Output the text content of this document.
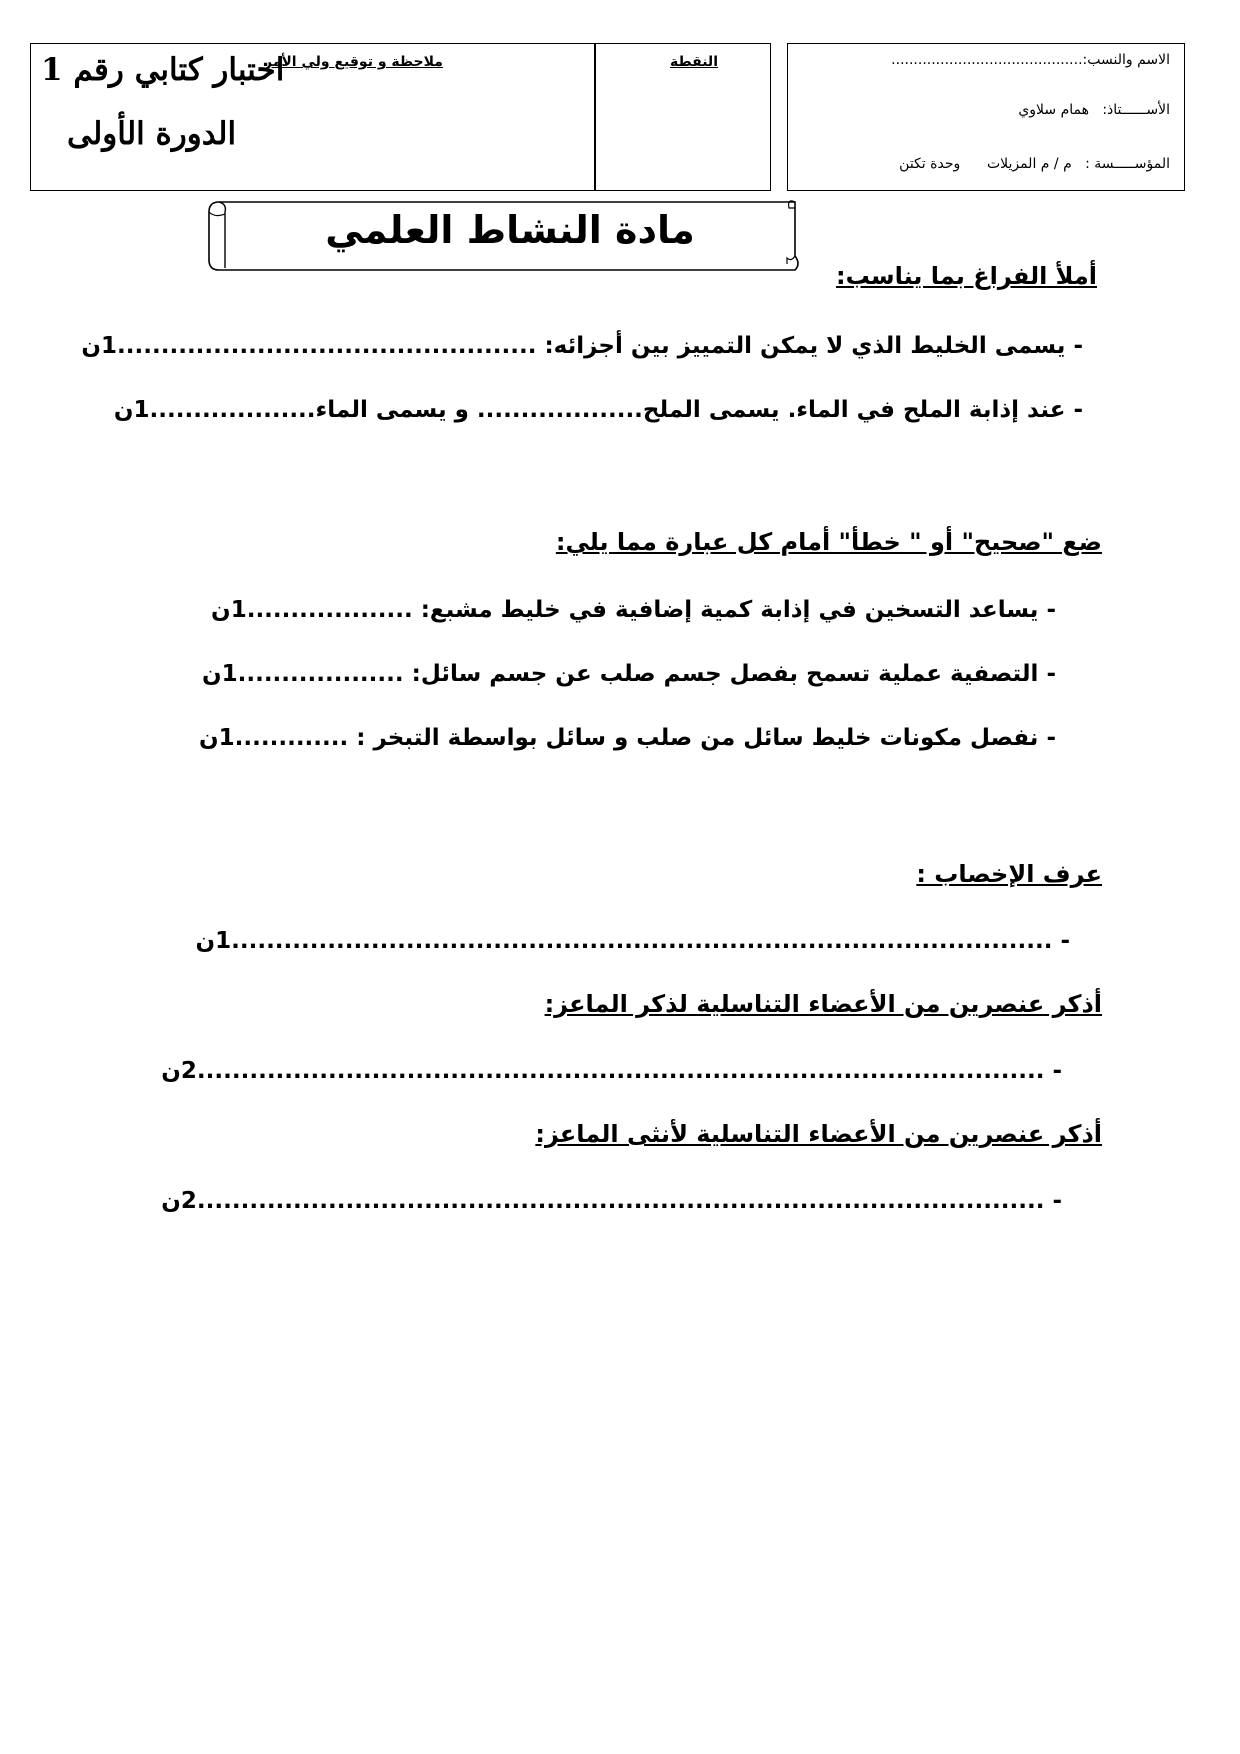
الاسم والنسب:...........................................
الأســــــتاذ:   همام سلاوي
المؤســـــسة :   م / م المزيلات      وحدة تكتن
النقطة
ملاحظة و توقيع ولي الأمر
اختبار كتابي رقم 1
الدورة الأولى
مادة النشاط العلمي
أملأ الفراغ بما يناسب:
- يسمى الخليط الذي لا يمكن التمييز بين أجزائه: ................................................1ن
- عند إذابة الملح في الماء. يسمى الملح................... و يسمى الماء...................1ن
ضع "صحيح" أو " خطأ" أمام كل عبارة مما يلي:
- يساعد التسخين في إذابة كمية إضافية في خليط مشبع: ...................1ن
- التصفية عملية تسمح بفصل جسم صلب عن جسم سائل: ...................1ن
- نفصل مكونات خليط سائل من صلب و سائل بواسطة التبخر : .............1ن
عرف الإخصاب :
- ..............................................................................................1ن
أذكر عنصرين من الأعضاء التناسلية لذكر الماعز:
- .................................................................................................2ن
أذكر عنصرين من الأعضاء التناسلية لأنثى الماعز:
- .................................................................................................2ن
